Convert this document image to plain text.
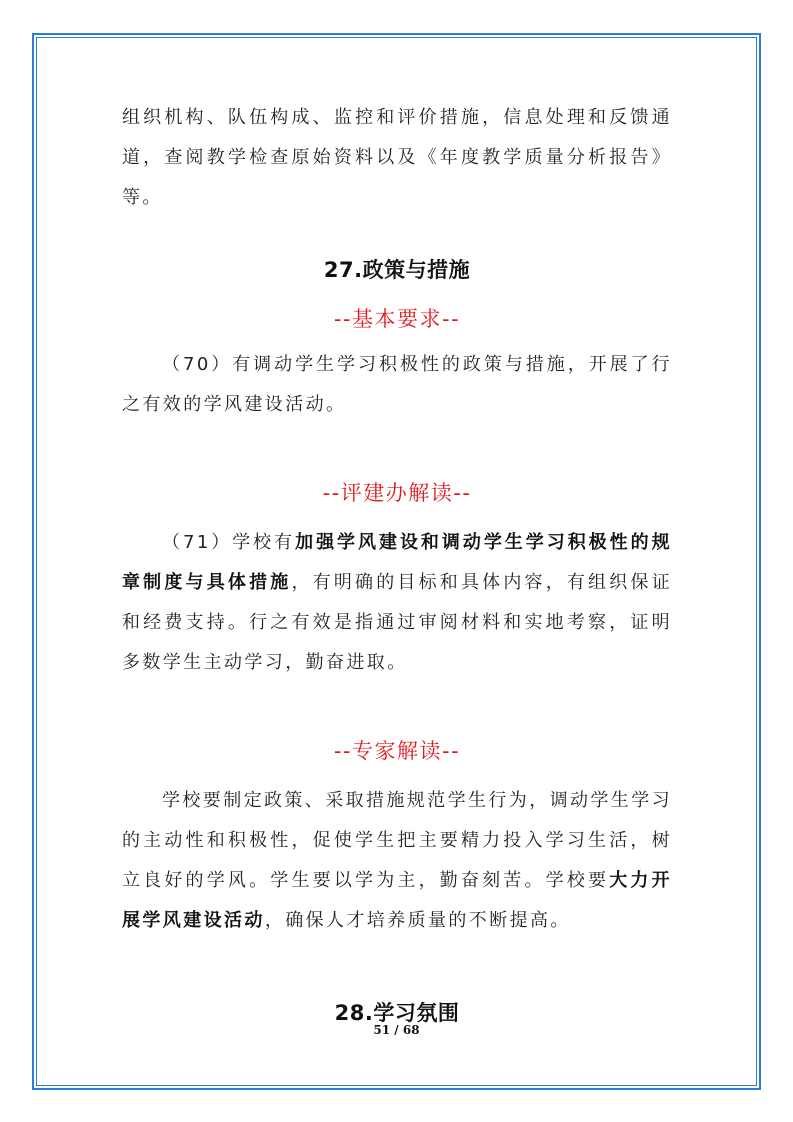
组织机构、队伍构成、监控和评价措施，信息处理和反馈通道，查阅教学检查原始资料以及《年度教学质量分析报告》等。

27.政策与措施
--基本要求--

（70）有调动学生学习积极性的政策与措施，开展了行之有效的学风建设活动。

--评建办解读--

（71）学校有加强学风建设和调动学生学习积极性的规章制度与具体措施，有明确的目标和具体内容，有组织保证和经费支持。行之有效是指通过审阅材料和实地考察，证明多数学生主动学习，勤奋进取。

--专家解读--

学校要制定政策、采取措施规范学生行为，调动学生学习的主动性和积极性，促使学生把主要精力投入学习生活，树立良好的学风。学生要以学为主，勤奋刻苦。学校要大力开展学风建设活动，确保人才培养质量的不断提高。

28.学习氛围
51 / 68
